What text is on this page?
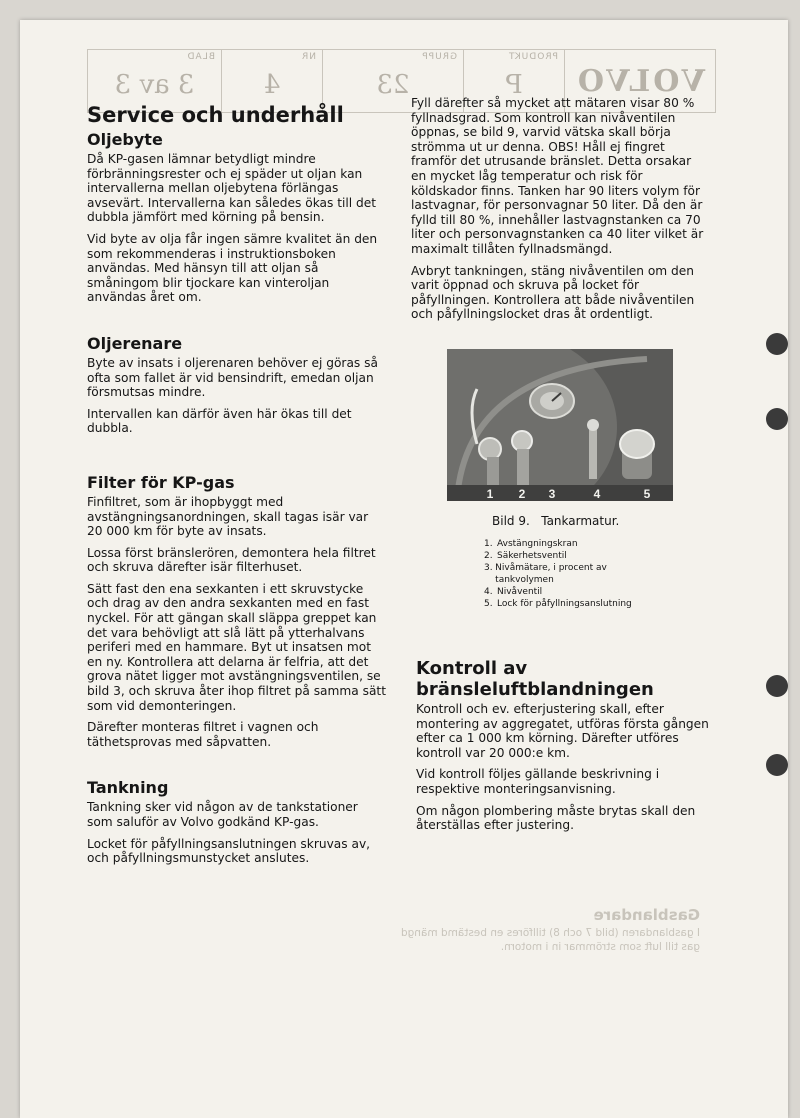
Gasblandare
I gasblandaren (bild 7 och 8) tillföres en bestämd mängd gas till luft som strömmar in i motorn.
VOLVO
PRODUKT
P
GRUPP
23
NR
4
BLAD
3 av 3
Service och underhåll
Oljebyte

Då KP-gasen lämnar betydligt mindre förbränningsrester och ej späder ut oljan kan intervallerna mellan oljebytena förlängas avsevärt. Intervallerna kan således ökas till det dubbla jämfört med körning på bensin.

Vid byte av olja får ingen sämre kvalitet än den som rekommenderas i instruktionsboken användas. Med hänsyn till att oljan så småningom blir tjockare kan vinteroljan användas året om.

Oljerenare

Byte av insats i oljerenaren behöver ej göras så ofta som fallet är vid bensindrift, emedan oljan försmutsas mindre.

Intervallen kan därför även här ökas till det dubbla.

Filter för KP-gas

Finfiltret, som är ihopbyggt med avstängningsanordningen, skall tagas isär var 20 000 km för byte av insats.

Lossa först bränslerören, demontera hela filtret och skruva därefter isär filterhuset.

Sätt fast den ena sexkanten i ett skruvstycke och drag av den andra sexkanten med en fast nyckel. För att gängan skall släppa greppet kan det vara behövligt att slå lätt på ytterhalvans periferi med en hammare. Byt ut insatsen mot en ny. Kontrollera att delarna är felfria, att det grova nätet ligger mot avstängningsventilen, se bild 3, och skruva åter ihop filtret på samma sätt som vid demonteringen.

Därefter monteras filtret i vagnen och täthetsprovas med såpvatten.

Tankning

Tankning sker vid någon av de tankstationer som saluför av Volvo godkänd KP-gas.

Locket för påfyllningsanslutningen skruvas av, och påfyllningsmunstycket anslutes.

Fyll därefter så mycket att mätaren visar 80 % fyllnadsgrad. Som kontroll kan nivåventilen öppnas, se bild 9, varvid vätska skall börja strömma ut ur denna. OBS! Håll ej fingret framför det utrusande bränslet. Detta orsakar en mycket låg temperatur och risk för köldskador finns. Tanken har 90 liters volym för lastvagnar, för personvagnar 50 liter. Då den är fylld till 80 %, innehåller lastvagnstanken ca 70 liter och personvagnstanken ca 40 liter vilket är maximalt tillåten fyllnadsmängd.

Avbryt tankningen, stäng nivåventilen om den varit öppnad och skruva på locket för påfyllningen. Kontrollera att både nivåventilen och påfyllningslocket dras åt ordentligt.

1 2 3	4	5
Bild 9. Tankarmatur.
1. Avstängningskran
2. Säkerhetsventil
3. Nivåmätare, i procent av tankvolymen
4. Nivåventil
5. Lock för påfyllningsanslutning
Kontroll av bränsleluftblandningen

Kontroll och ev. efterjustering skall, efter montering av aggregatet, utföras första gången efter ca 1 000 km körning. Därefter utföres kontroll var 20 000:e km.

Vid kontroll följes gällande beskrivning i respektive monteringsanvisning.

Om någon plombering måste brytas skall den återställas efter justering.
